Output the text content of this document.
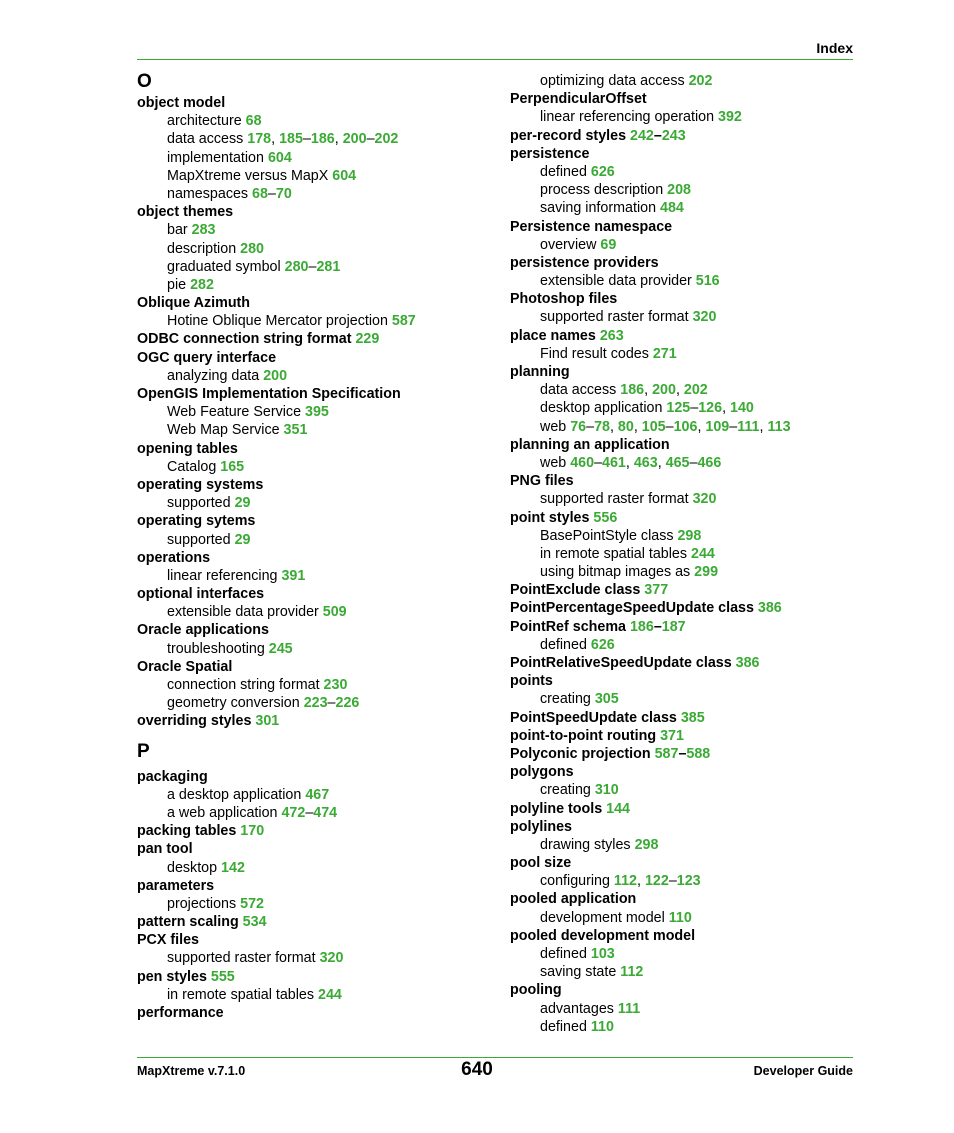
Index
O
object model
architecture 68
data access 178, 185–186, 200–202
implementation 604
MapXtreme versus MapX 604
namespaces 68–70
object themes
bar 283
description 280
graduated symbol 280–281
pie 282
Oblique Azimuth
Hotine Oblique Mercator projection 587
ODBC connection string format 229
OGC query interface
analyzing data 200
OpenGIS Implementation Specification
Web Feature Service 395
Web Map Service 351
opening tables
Catalog 165
operating systems
supported 29
operating sytems
supported 29
operations
linear referencing 391
optional interfaces
extensible data provider 509
Oracle applications
troubleshooting 245
Oracle Spatial
connection string format 230
geometry conversion 223–226
overriding styles 301
P
packaging
a desktop application 467
a web application 472–474
packing tables 170
pan tool
desktop 142
parameters
projections 572
pattern scaling 534
PCX files
supported raster format 320
pen styles 555
in remote spatial tables 244
performance
optimizing data access 202
PerpendicularOffset
linear referencing operation 392
per-record styles 242–243
persistence
defined 626
process description 208
saving information 484
Persistence namespace
overview 69
persistence providers
extensible data provider 516
Photoshop files
supported raster format 320
place names 263
Find result codes 271
planning
data access 186, 200, 202
desktop application 125–126, 140
web 76–78, 80, 105–106, 109–111, 113
planning an application
web 460–461, 463, 465–466
PNG files
supported raster format 320
point styles 556
BasePointStyle class 298
in remote spatial tables 244
using bitmap images as 299
PointExclude class 377
PointPercentageSpeedUpdate class 386
PointRef schema 186–187
defined 626
PointRelativeSpeedUpdate class 386
points
creating 305
PointSpeedUpdate class 385
point-to-point routing 371
Polyconic projection 587–588
polygons
creating 310
polyline tools 144
polylines
drawing styles 298
pool size
configuring 112, 122–123
pooled application
development model 110
pooled development model
defined 103
saving state 112
pooling
advantages 111
defined 110
MapXtreme v.7.1.0	640	Developer Guide
